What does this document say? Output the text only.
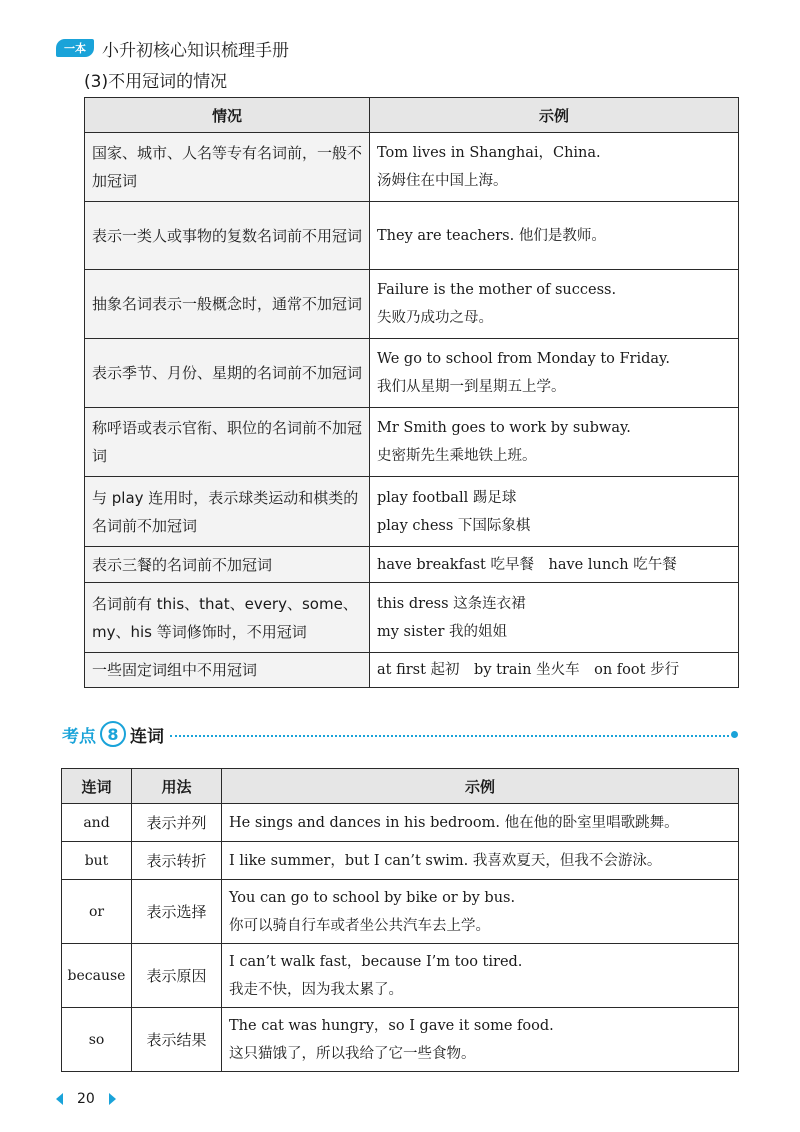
一本 小升初核心知识梳理手册
(3)不用冠词的情况
情况	示例
国家、城市、人名等专有名词前，一般不加冠词	Tom lives in Shanghai，China.
汤姆住在中国上海。

表示一类人或事物的复数名词前不用冠词	They are teachers. 他们是教师。

抽象名词表示一般概念时，通常不加冠词	Failure is the mother of success.
失败乃成功之母。

表示季节、月份、星期的名词前不加冠词	We go to school from Monday to Friday.
我们从星期一到星期五上学。

称呼语或表示官衔、职位的名词前不加冠词	Mr Smith goes to work by subway.
史密斯先生乘地铁上班。

与 play 连用时，表示球类运动和棋类的名词前不加冠词	play football 踢足球
play chess 下国际象棋

表示三餐的名词前不加冠词	have breakfast 吃早餐　have lunch 吃午餐

名词前有 this、that、every、some、my、his 等词修饰时，不用冠词	this dress 这条连衣裙
my sister 我的姐姐

一些固定词组中不用冠词	at first 起初　by train 坐火车　on foot 步行
考点 8 连词
连词	用法	示例
and	表示并列	He sings and dances in his bedroom. 他在他的卧室里唱歌跳舞。

but	表示转折	I like summer，but I can’t swim. 我喜欢夏天，但我不会游泳。

or	表示选择	You can go to school by bike or by bus.
你可以骑自行车或者坐公共汽车去上学。

because	表示原因	I can’t walk fast，because I’m too tired.
我走不快，因为我太累了。

so	表示结果	The cat was hungry，so I gave it some food.
这只猫饿了，所以我给了它一些食物。
20
